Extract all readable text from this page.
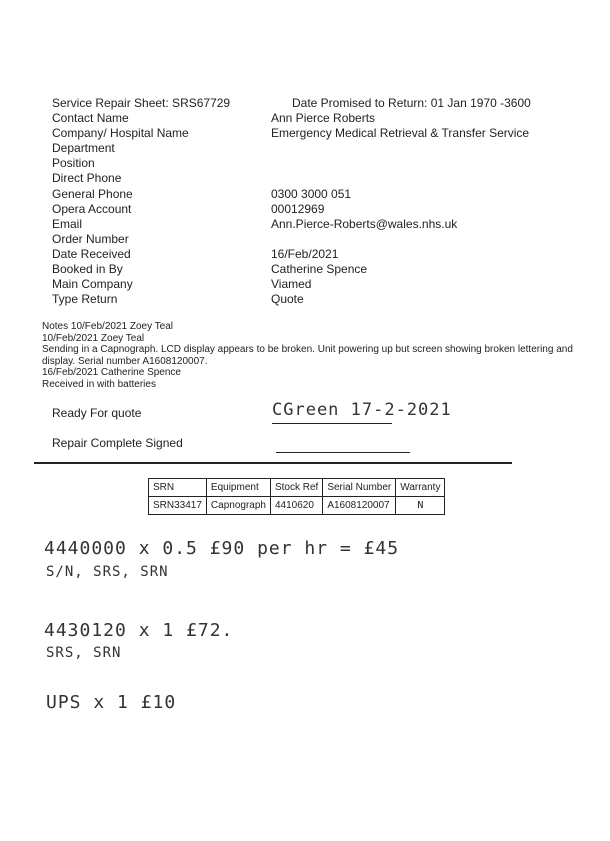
Service Repair Sheet: SRS67729	Date Promised to Return: 01 Jan 1970 -3600
Contact Name	Ann Pierce Roberts
Company/ Hospital Name	Emergency Medical Retrieval & Transfer Service
Department
Position
Direct Phone
General Phone	0300 3000 051
Opera Account	00012969
Email	Ann.Pierce-Roberts@wales.nhs.uk
Order Number
Date Received	16/Feb/2021
Booked in By	Catherine Spence
Main Company	Viamed
Type Return	Quote
Notes 10/Feb/2021 Zoey Teal
10/Feb/2021 Zoey Teal
Sending in a Capnograph. LCD display appears to be broken. Unit powering up but screen showing broken lettering and display. Serial number A1608120007.
16/Feb/2021 Catherine Spence
Received in with batteries
Ready For quote	CGreen 17-2-2021
Repair Complete Signed
SRN	Equipment	Stock Ref	Serial Number	Warranty
SRN33417	Capnograph	4410620	A1608120007	N
4440000 x 0.5 £90 per hr = £45
S/N, SRS, SRN
4430120 x 1 £72.
SRS, SRN
UPS x 1 £10
